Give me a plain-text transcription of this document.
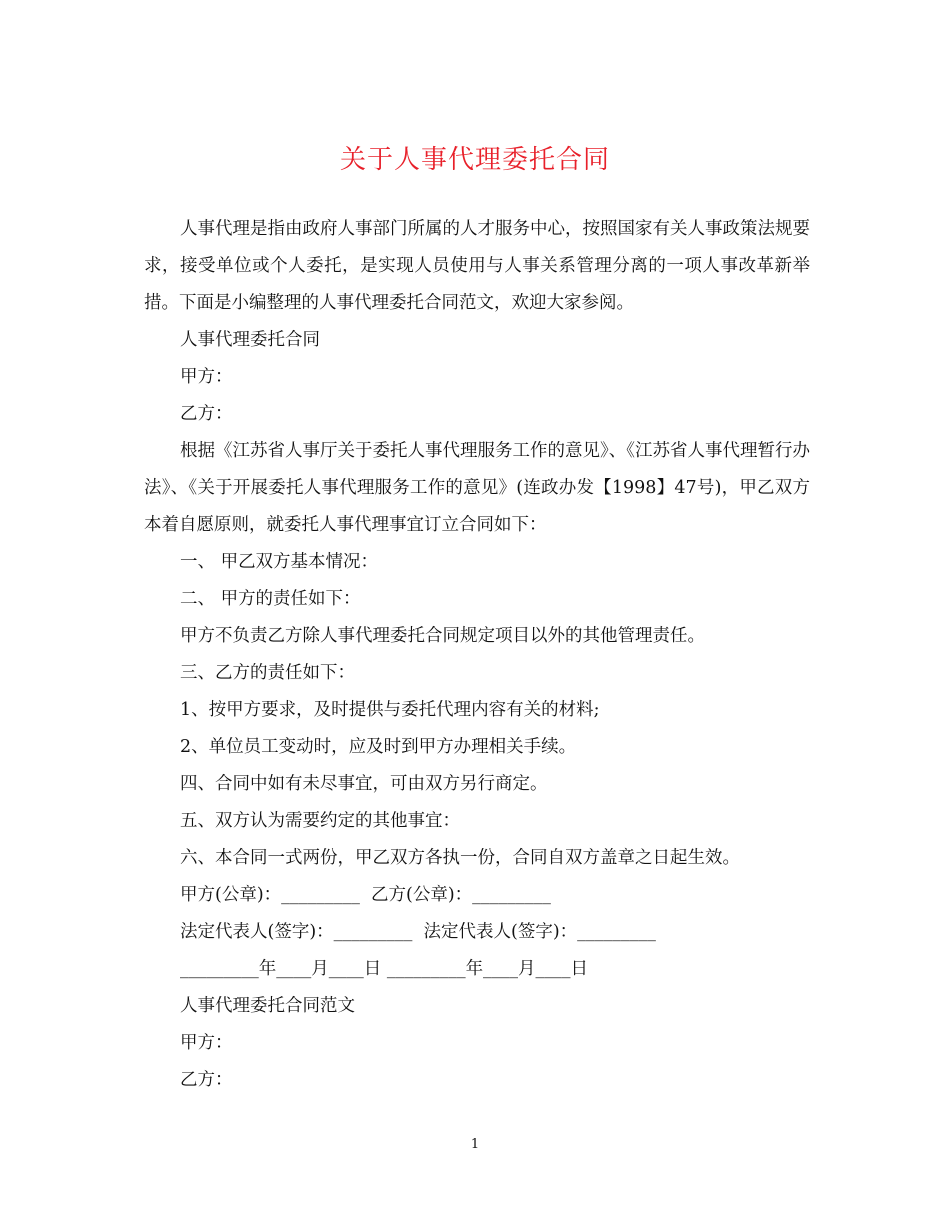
关于人事代理委托合同

人事代理是指由政府人事部门所属的人才服务中心，按照国家有关人事政策法规要求，接受单位或个人委托，是实现人员使用与人事关系管理分离的一项人事改革新举措。下面是小编整理的人事代理委托合同范文，欢迎大家参阅。

人事代理委托合同

甲方：

乙方：

根据《江苏省人事厅关于委托人事代理服务工作的意见》、《江苏省人事代理暂行办法》、《关于开展委托人事代理服务工作的意见》(连政办发【1998】47号)，甲乙双方本着自愿原则，就委托人事代理事宜订立合同如下：

一、 甲乙双方基本情况：

二、 甲方的责任如下：

甲方不负责乙方除人事代理委托合同规定项目以外的其他管理责任。

三、乙方的责任如下：

1、按甲方要求，及时提供与委托代理内容有关的材料;

2、单位员工变动时，应及时到甲方办理相关手续。

四、合同中如有未尽事宜，可由双方另行商定。

五、双方认为需要约定的其他事宜：

六、本合同一式两份，甲乙双方各执一份，合同自双方盖章之日起生效。

甲方(公章)：_________  乙方(公章)：_________

法定代表人(签字)：_________  法定代表人(签字)：_________

_________年____月____日 _________年____月____日

人事代理委托合同范文

甲方：

乙方：

1
